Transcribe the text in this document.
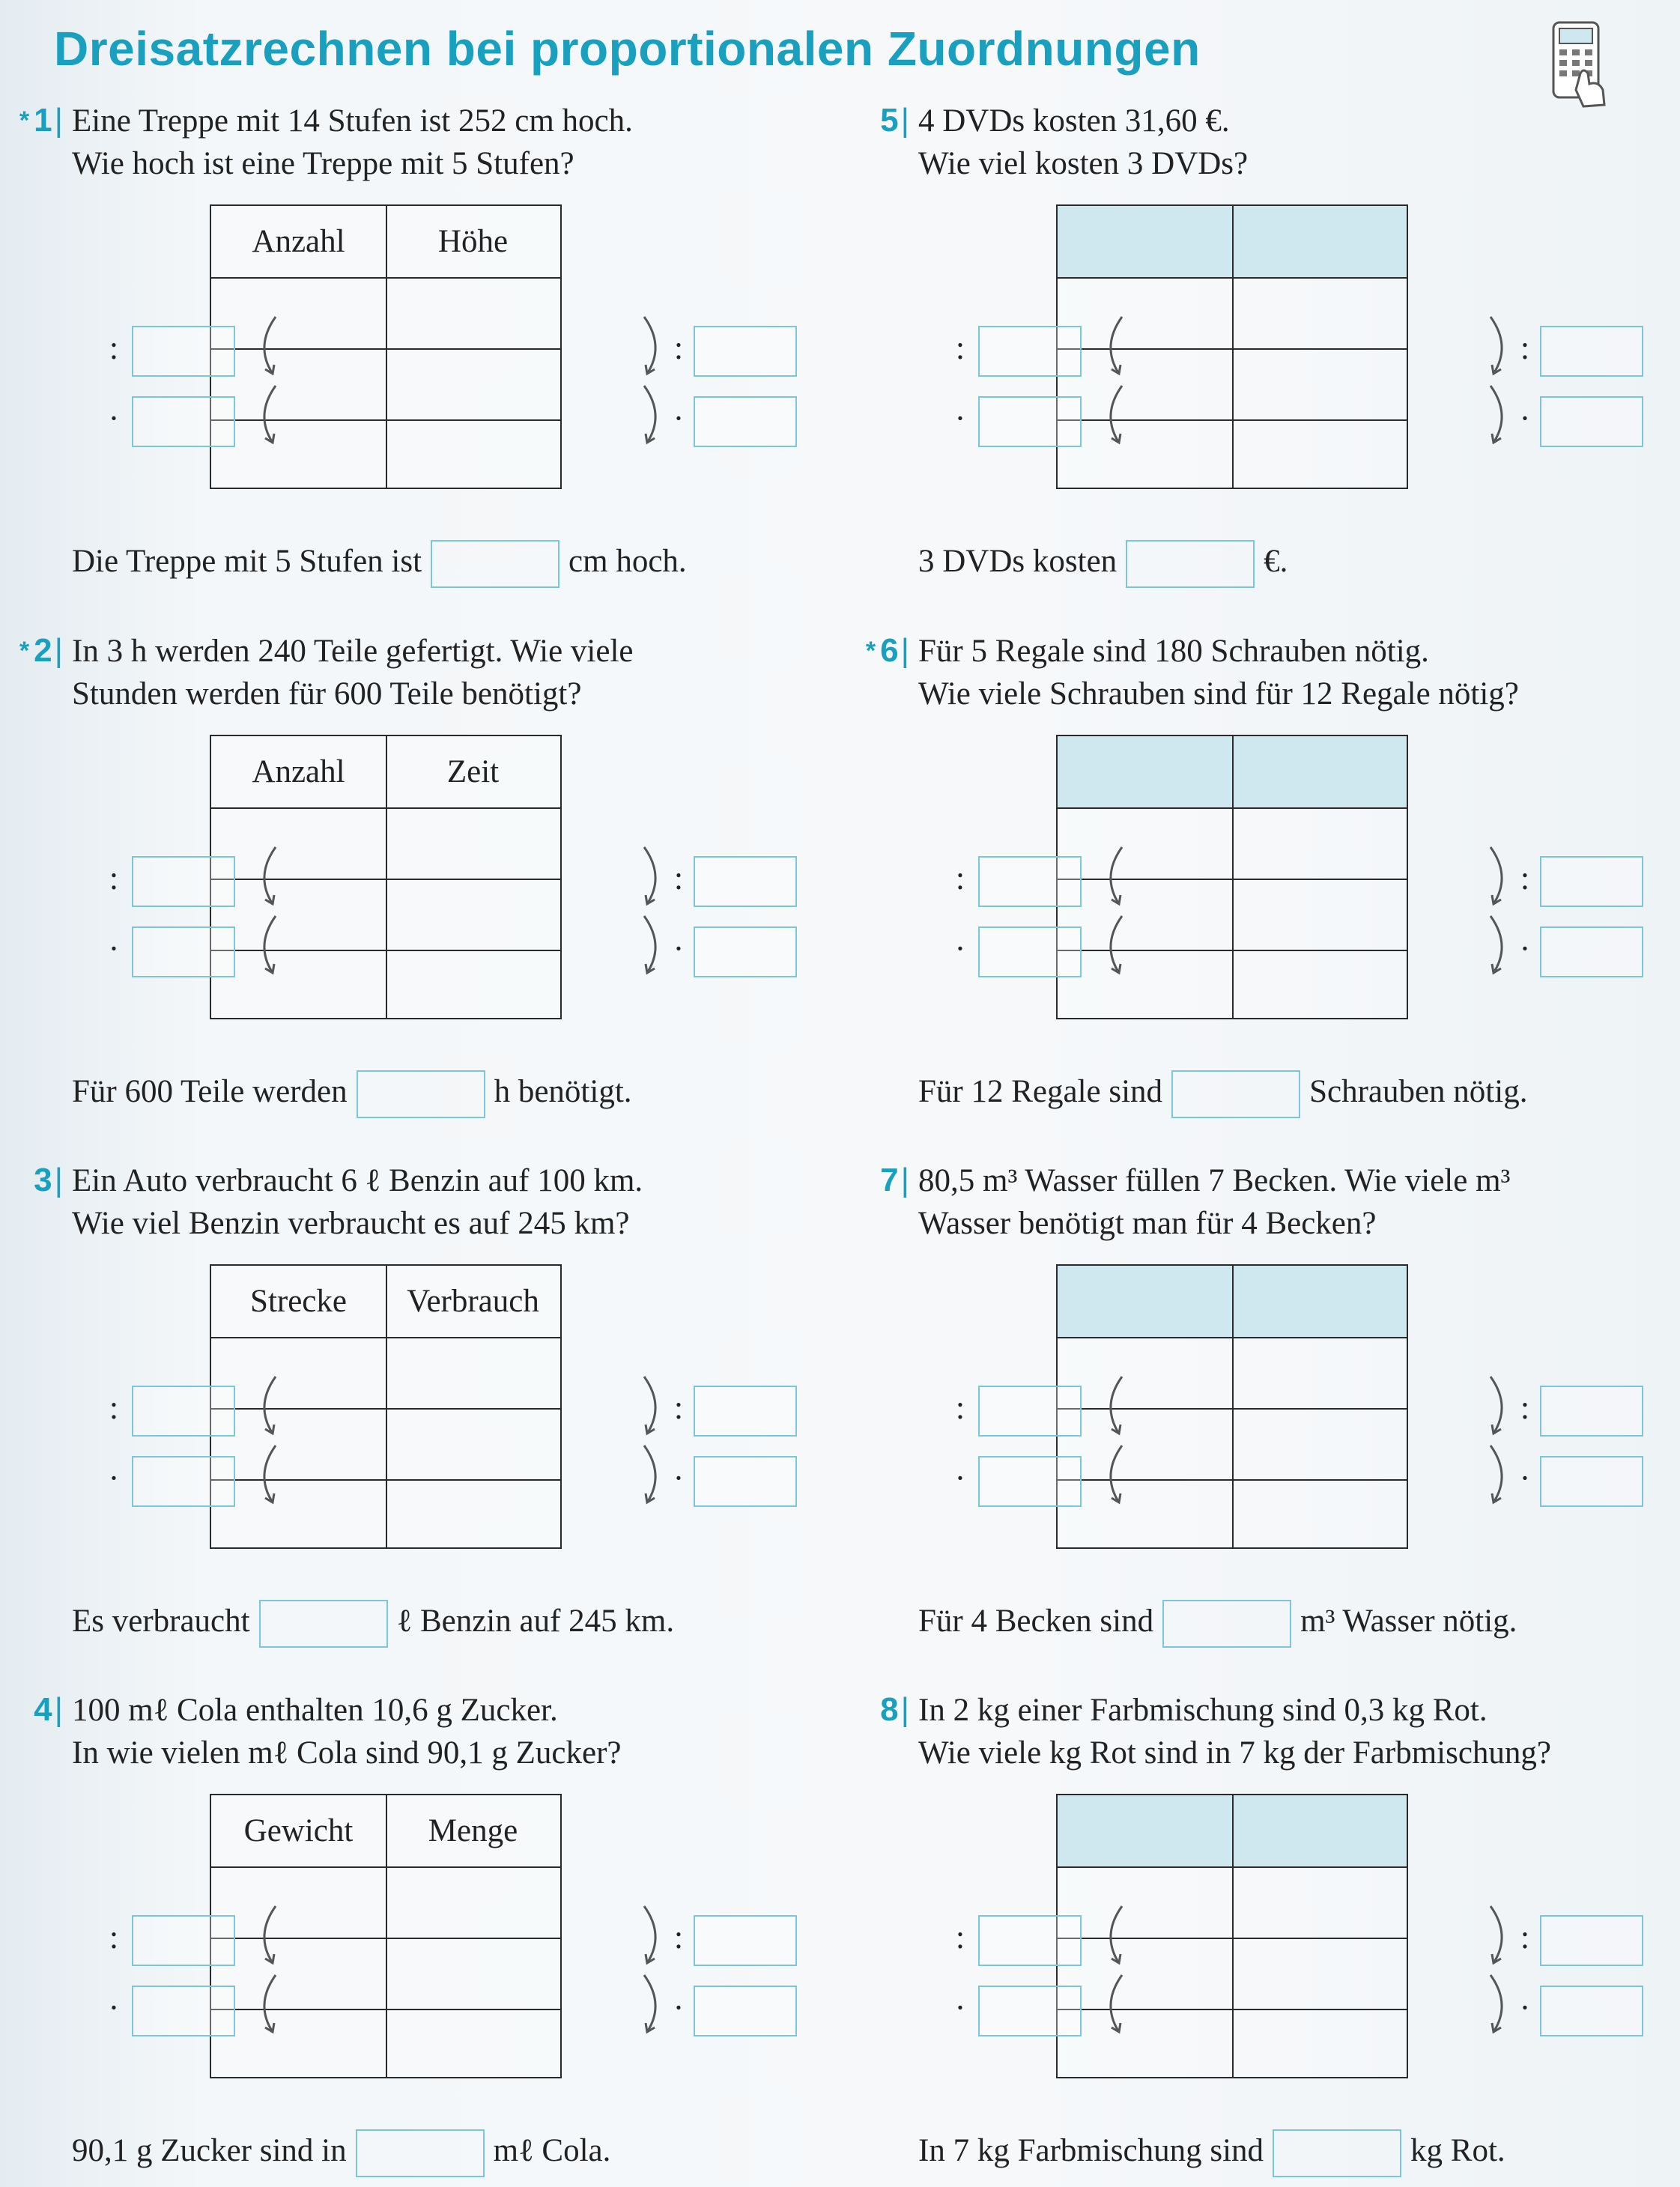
Dreisatzrechnen bei proportionalen Zuordnungen
* 1| Eine Treppe mit 14 Stufen ist 252 cm hoch.
Wie hoch ist eine Treppe mit 5 Stufen?
Anzahl	Höhe
:
·
:
·
Die Treppe mit 5 Stufen ist	cm hoch.
* 2| In 3 h werden 240 Teile gefertigt. Wie viele
Stunden werden für 600 Teile benötigt?
Anzahl	Zeit
:
·
:
·
Für 600 Teile werden	h benötigt.
3| Ein Auto verbraucht 6 ℓ Benzin auf 100 km.
Wie viel Benzin verbraucht es auf 245 km?
Strecke	Verbrauch
:
·
:
·
Es verbraucht	ℓ Benzin auf 245 km.
4| 100 mℓ Cola enthalten 10,6 g Zucker.
In wie vielen mℓ Cola sind 90,1 g Zucker?
Gewicht	Menge
:
·
:
·
90,1 g Zucker sind in	mℓ Cola.
5| 4 DVDs kosten 31,60 €.
Wie viel kosten 3 DVDs?
:
·
:
·
3 DVDs kosten	€.
* 6| Für 5 Regale sind 180 Schrauben nötig.
Wie viele Schrauben sind für 12 Regale nötig?
:
·
:
·
Für 12 Regale sind	Schrauben nötig.
7| 80,5 m³ Wasser füllen 7 Becken. Wie viele m³
Wasser benötigt man für 4 Becken?
:
·
:
·
Für 4 Becken sind	m³ Wasser nötig.
8| In 2 kg einer Farbmischung sind 0,3 kg Rot.
Wie viele kg Rot sind in 7 kg der Farbmischung?
:
·
:
·
In 7 kg Farbmischung sind	kg Rot.
